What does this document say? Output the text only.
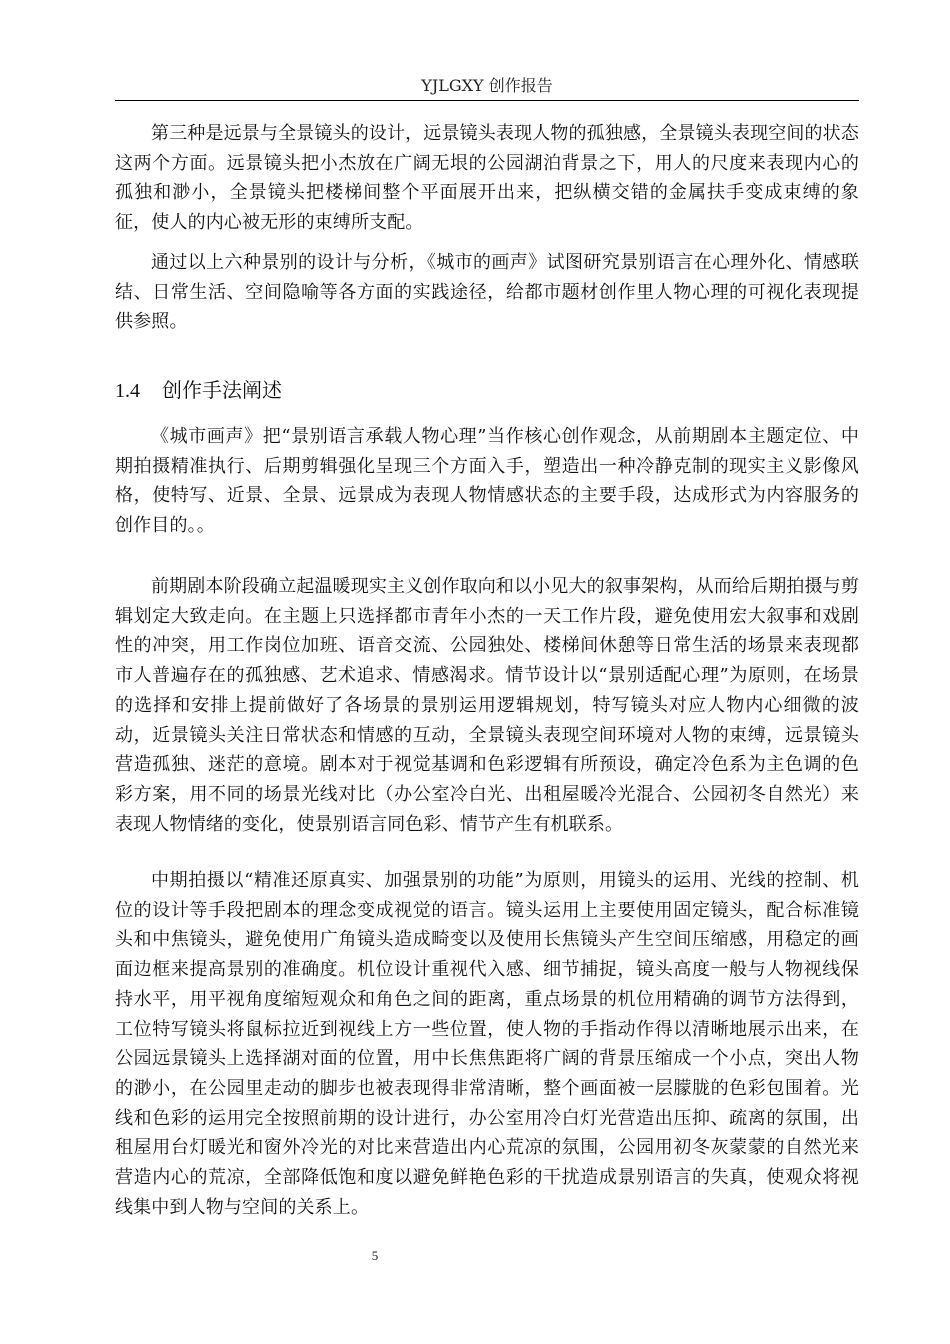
YJLGXY 创作报告

第三种是远景与全景镜头的设计，远景镜头表现人物的孤独感，全景镜头表现空间的状态这两个方面。远景镜头把小杰放在广阔无垠的公园湖泊背景之下，用人的尺度来表现内心的孤独和渺小，全景镜头把楼梯间整个平面展开出来，把纵横交错的金属扶手变成束缚的象征，使人的内心被无形的束缚所支配。

通过以上六种景别的设计与分析，《城市的画声》试图研究景别语言在心理外化、情感联结、日常生活、空间隐喻等各方面的实践途径，给都市题材创作里人物心理的可视化表现提供参照。

1.4 创作手法阐述

《城市画声》把“景别语言承载人物心理”当作核心创作观念，从前期剧本主题定位、中期拍摄精准执行、后期剪辑强化呈现三个方面入手，塑造出一种冷静克制的现实主义影像风格，使特写、近景、全景、远景成为表现人物情感状态的主要手段，达成形式为内容服务的创作目的。。

前期剧本阶段确立起温暖现实主义创作取向和以小见大的叙事架构，从而给后期拍摄与剪辑划定大致走向。在主题上只选择都市青年小杰的一天工作片段，避免使用宏大叙事和戏剧性的冲突，用工作岗位加班、语音交流、公园独处、楼梯间休憩等日常生活的场景来表现都市人普遍存在的孤独感、艺术追求、情感渴求。情节设计以“景别适配心理”为原则，在场景的选择和安排上提前做好了各场景的景别运用逻辑规划，特写镜头对应人物内心细微的波动，近景镜头关注日常状态和情感的互动，全景镜头表现空间环境对人物的束缚，远景镜头营造孤独、迷茫的意境。剧本对于视觉基调和色彩逻辑有所预设，确定冷色系为主色调的色彩方案，用不同的场景光线对比（办公室冷白光、出租屋暖冷光混合、公园初冬自然光）来表现人物情绪的变化，使景别语言同色彩、情节产生有机联系。

中期拍摄以“精准还原真实、加强景别的功能”为原则，用镜头的运用、光线的控制、机位的设计等手段把剧本的理念变成视觉的语言。镜头运用上主要使用固定镜头，配合标准镜头和中焦镜头，避免使用广角镜头造成畸变以及使用长焦镜头产生空间压缩感，用稳定的画面边框来提高景别的准确度。机位设计重视代入感、细节捕捉，镜头高度一般与人物视线保持水平，用平视角度缩短观众和角色之间的距离，重点场景的机位用精确的调节方法得到，工位特写镜头将鼠标拉近到视线上方一些位置，使人物的手指动作得以清晰地展示出来，在公园远景镜头上选择湖对面的位置，用中长焦焦距将广阔的背景压缩成一个小点，突出人物的渺小，在公园里走动的脚步也被表现得非常清晰，整个画面被一层朦胧的色彩包围着。光线和色彩的运用完全按照前期的设计进行，办公室用冷白灯光营造出压抑、疏离的氛围，出租屋用台灯暖光和窗外冷光的对比来营造出内心荒凉的氛围，公园用初冬灰蒙蒙的自然光来营造内心的荒凉，全部降低饱和度以避免鲜艳色彩的干扰造成景别语言的失真，使观众将视线集中到人物与空间的关系上。

5
